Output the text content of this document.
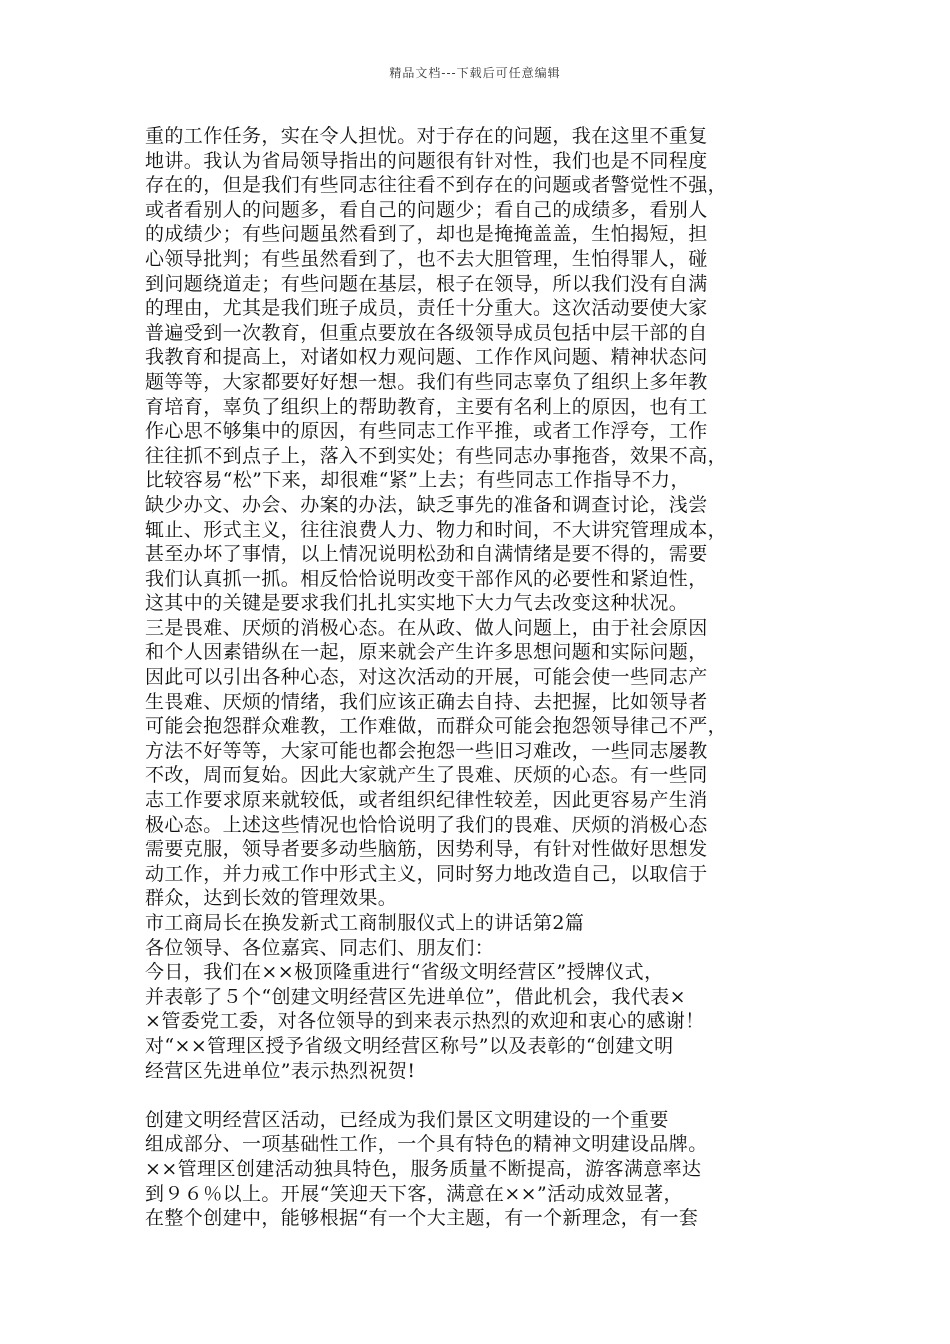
精品文档---下载后可任意编辑
重的工作任务，实在令人担忧。对于存在的问题，我在这里不重复
地讲。我认为省局领导指出的问题很有针对性，我们也是不同程度
存在的，但是我们有些同志往往看不到存在的问题或者警觉性不强，
或者看别人的问题多，看自己的问题少；看自己的成绩多，看别人
的成绩少；有些问题虽然看到了，却也是掩掩盖盖，生怕揭短，担
心领导批判；有些虽然看到了，也不去大胆管理，生怕得罪人，碰
到问题绕道走；有些问题在基层，根子在领导，所以我们没有自满
的理由，尤其是我们班子成员，责任十分重大。这次活动要使大家
普遍受到一次教育，但重点要放在各级领导成员包括中层干部的自
我教育和提高上，对诸如权力观问题、工作作风问题、精神状态问
题等等，大家都要好好想一想。我们有些同志辜负了组织上多年教
育培育，辜负了组织上的帮助教育，主要有名利上的原因，也有工
作心思不够集中的原因，有些同志工作平推，或者工作浮夸，工作
往往抓不到点子上，落入不到实处；有些同志办事拖沓，效果不高，
比较容易“松”下来，却很难“紧”上去；有些同志工作指导不力，
缺少办文、办会、办案的办法，缺乏事先的准备和调查讨论，浅尝
辄止、形式主义，往往浪费人力、物力和时间，不大讲究管理成本，
甚至办坏了事情，以上情况说明松劲和自满情绪是要不得的，需要
我们认真抓一抓。相反恰恰说明改变干部作风的必要性和紧迫性，
这其中的关键是要求我们扎扎实实地下大力气去改变这种状况。
三是畏难、厌烦的消极心态。在从政、做人问题上，由于社会原因
和个人因素错纵在一起，原来就会产生许多思想问题和实际问题，
因此可以引出各种心态，对这次活动的开展，可能会使一些同志产
生畏难、厌烦的情绪，我们应该正确去自持、去把握，比如领导者
可能会抱怨群众难教，工作难做，而群众可能会抱怨领导律己不严，
方法不好等等，大家可能也都会抱怨一些旧习难改，一些同志屡教
不改，周而复始。因此大家就产生了畏难、厌烦的心态。有一些同
志工作要求原来就较低，或者组织纪律性较差，因此更容易产生消
极心态。上述这些情况也恰恰说明了我们的畏难、厌烦的消极心态
需要克服，领导者要多动些脑筋，因势利导，有针对性做好思想发
动工作，并力戒工作中形式主义，同时努力地改造自己，以取信于
群众，达到长效的管理效果。
市工商局长在换发新式工商制服仪式上的讲话第2篇
各位领导、各位嘉宾、同志们、朋友们：
今日，我们在××极顶隆重进行“省级文明经营区”授牌仪式，
并表彰了５个“创建文明经营区先进单位”，借此机会，我代表×
×管委党工委，对各位领导的到来表示热烈的欢迎和衷心的感谢！
对“××管理区授予省级文明经营区称号”以及表彰的“创建文明
经营区先进单位”表示热烈祝贺!
创建文明经营区活动，已经成为我们景区文明建设的一个重要
组成部分、一项基础性工作，一个具有特色的精神文明建设品牌。
××管理区创建活动独具特色，服务质量不断提高，游客满意率达
到９６％以上。开展“笑迎天下客，满意在××”活动成效显著，
在整个创建中，能够根据“有一个大主题，有一个新理念，有一套
